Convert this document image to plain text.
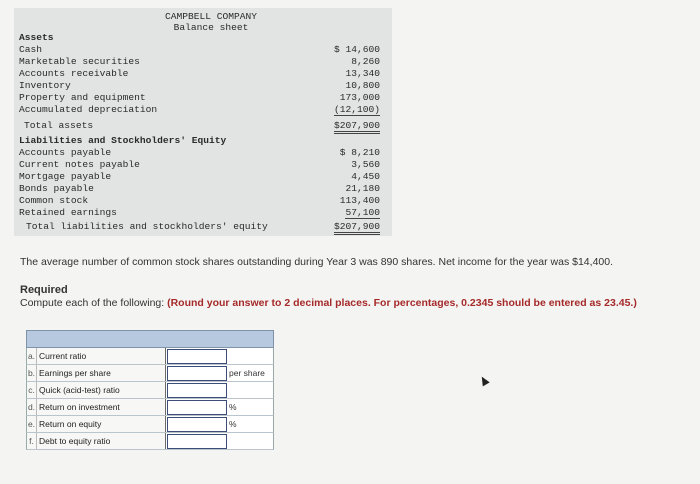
CAMPBELL COMPANY
Balance sheet
Assets
Cash	$ 14,600
Marketable securities	8,260
Accounts receivable	13,340
Inventory	10,800
Property and equipment	173,000
Accumulated depreciation	(12,100)
Total assets	$207,900
Liabilities and Stockholders' Equity
Accounts payable	$ 8,210
Current notes payable	3,560
Mortgage payable	4,450
Bonds payable	21,180
Common stock	113,400
Retained earnings	57,100
Total liabilities and stockholders' equity	$207,900
The average number of common stock shares outstanding during Year 3 was 890 shares. Net income for the year was $14,400.
Required
Compute each of the following: (Round your answer to 2 decimal places. For percentages, 0.2345 should be entered as 23.45.)
a. Current ratio
b. Earnings per share	per share
c. Quick (acid-test) ratio
d. Return on investment	%
e. Return on equity	%
f. Debt to equity ratio
